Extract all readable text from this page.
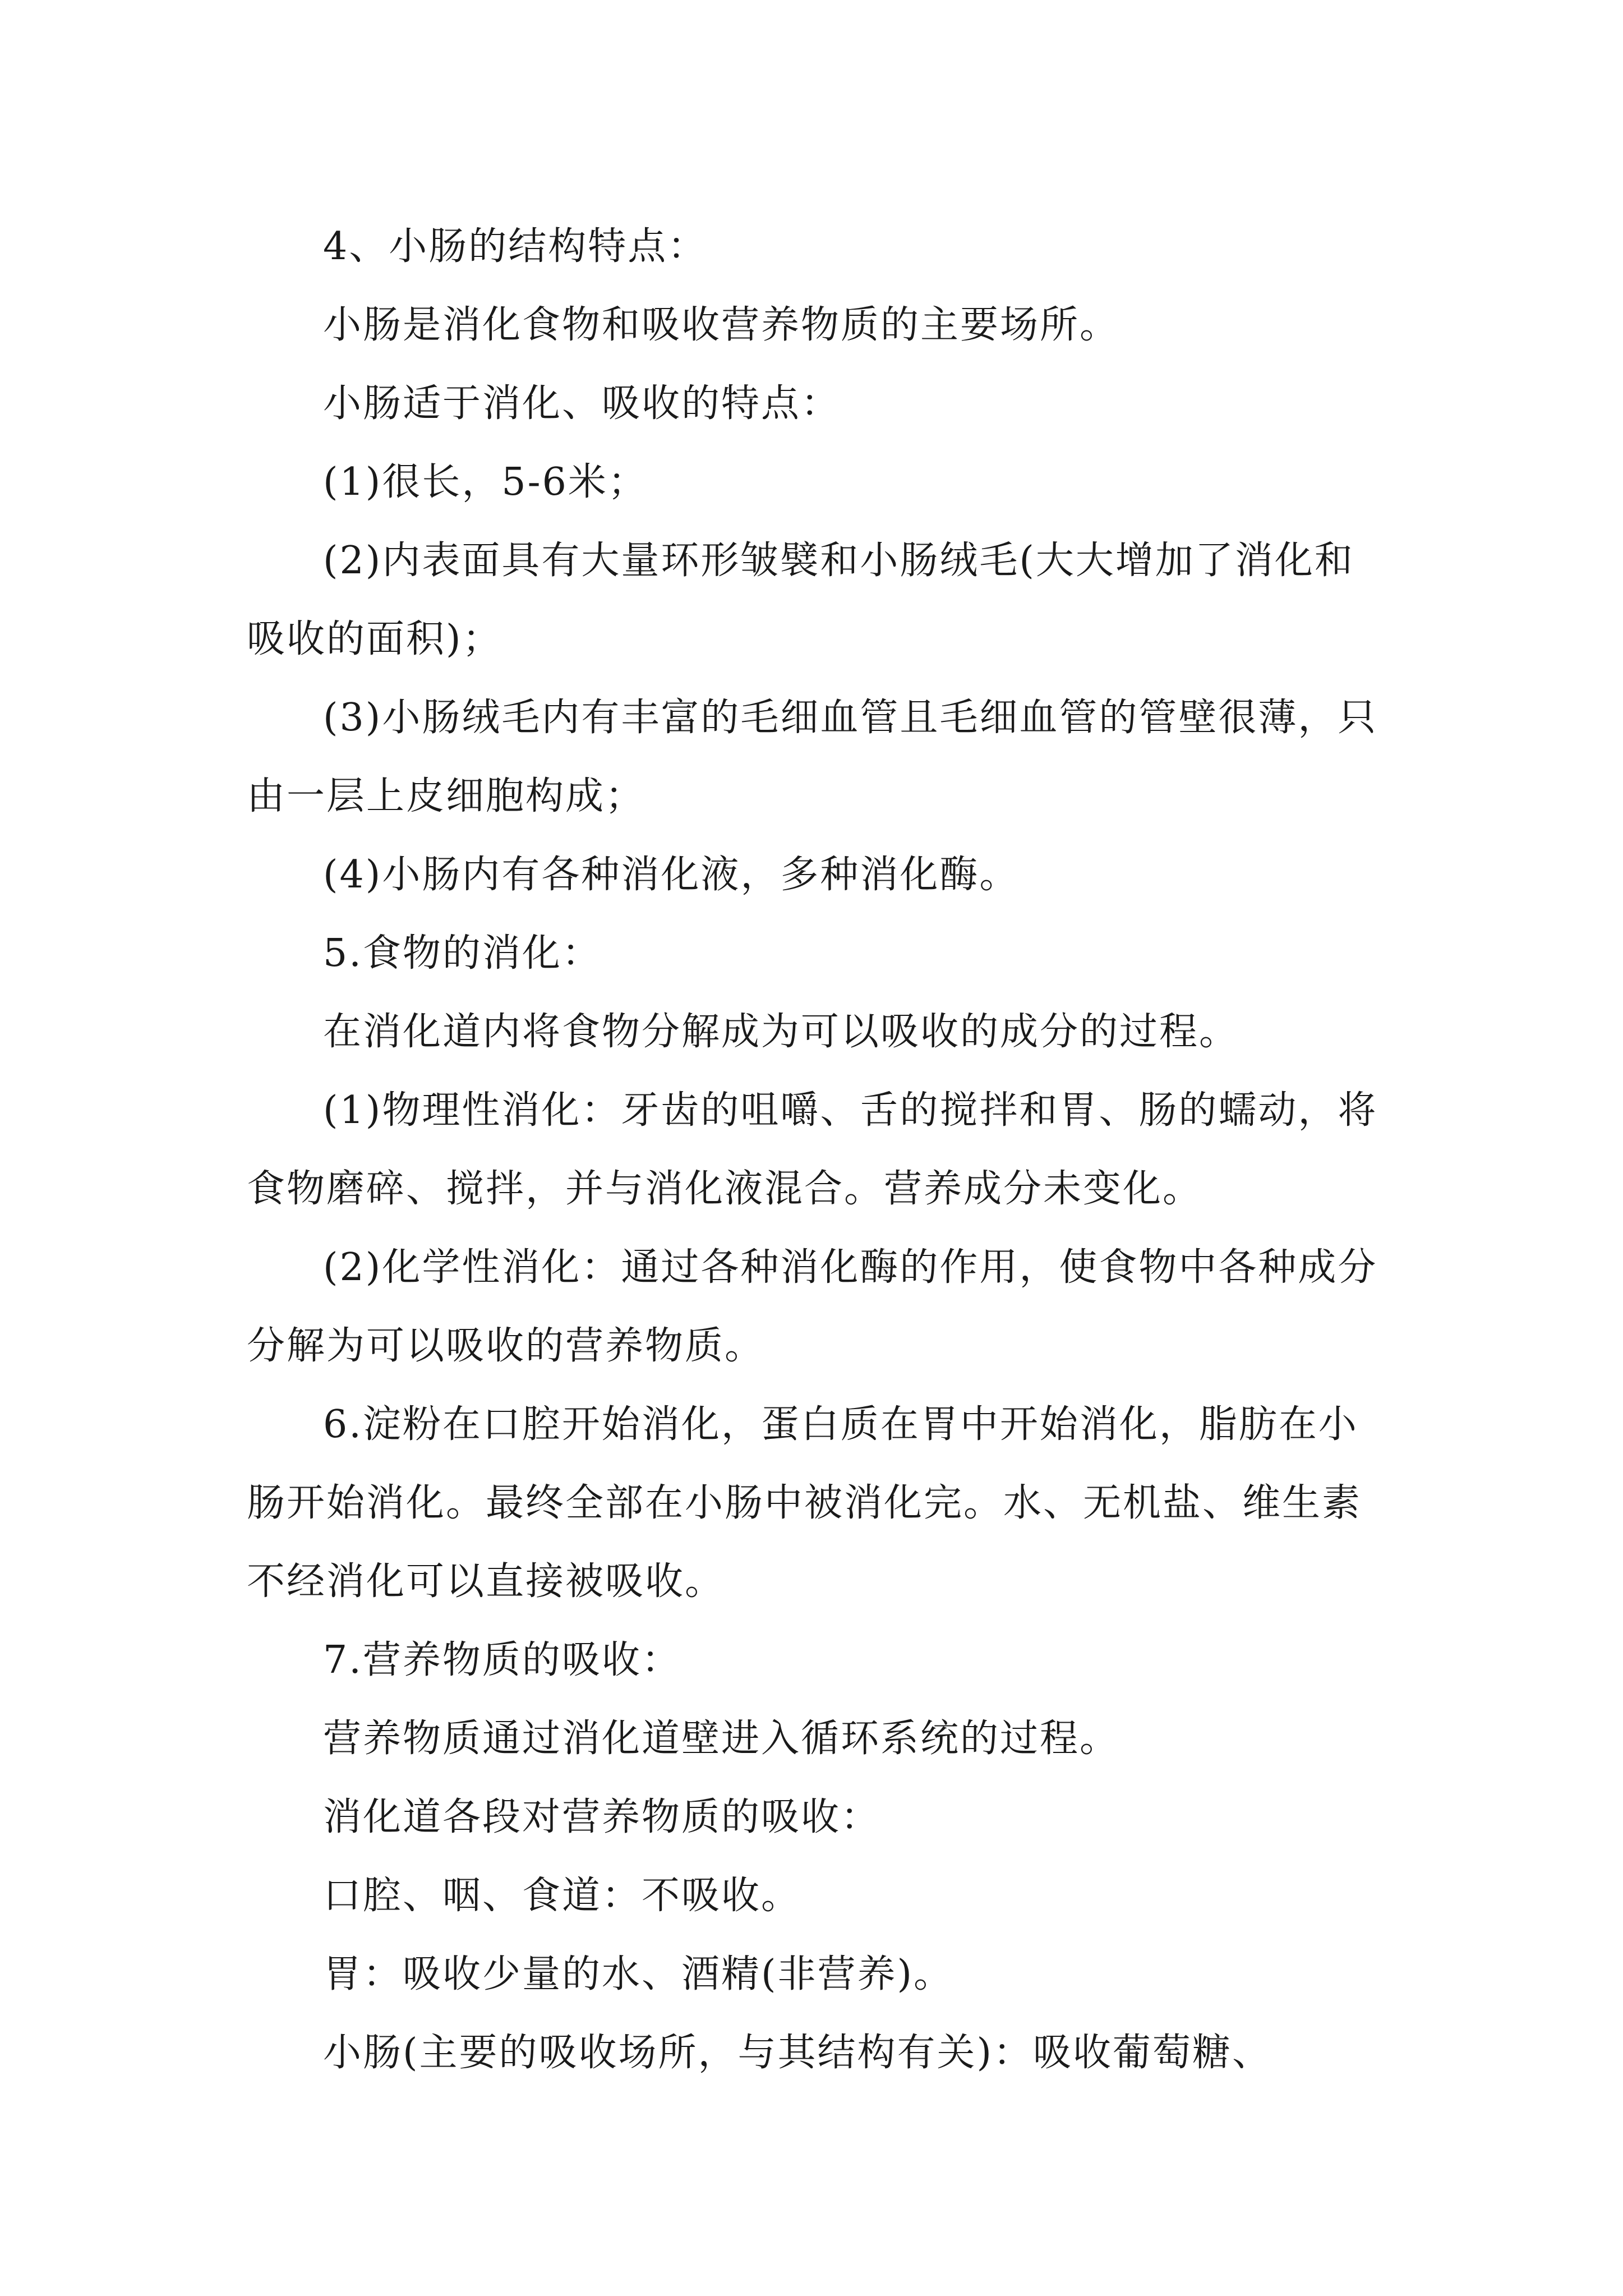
4、小肠的结构特点：

小肠是消化食物和吸收营养物质的主要场所。

小肠适于消化、吸收的特点：

(1)很长，5-6米；

(2)内表面具有大量环形皱襞和小肠绒毛(大大增加了消化和吸收的面积)；

(3)小肠绒毛内有丰富的毛细血管且毛细血管的管壁很薄，只由一层上皮细胞构成；

(4)小肠内有各种消化液，多种消化酶。

5.食物的消化：

在消化道内将食物分解成为可以吸收的成分的过程。

(1)物理性消化：牙齿的咀嚼、舌的搅拌和胃、肠的蠕动，将食物磨碎、搅拌，并与消化液混合。营养成分未变化。

(2)化学性消化：通过各种消化酶的作用，使食物中各种成分分解为可以吸收的营养物质。

6.淀粉在口腔开始消化，蛋白质在胃中开始消化，脂肪在小肠开始消化。最终全部在小肠中被消化完。水、无机盐、维生素不经消化可以直接被吸收。

7.营养物质的吸收：

营养物质通过消化道壁进入循环系统的过程。

消化道各段对营养物质的吸收：

口腔、咽、食道：不吸收。

胃：吸收少量的水、酒精(非营养)。

小肠(主要的吸收场所，与其结构有关)：吸收葡萄糖、
